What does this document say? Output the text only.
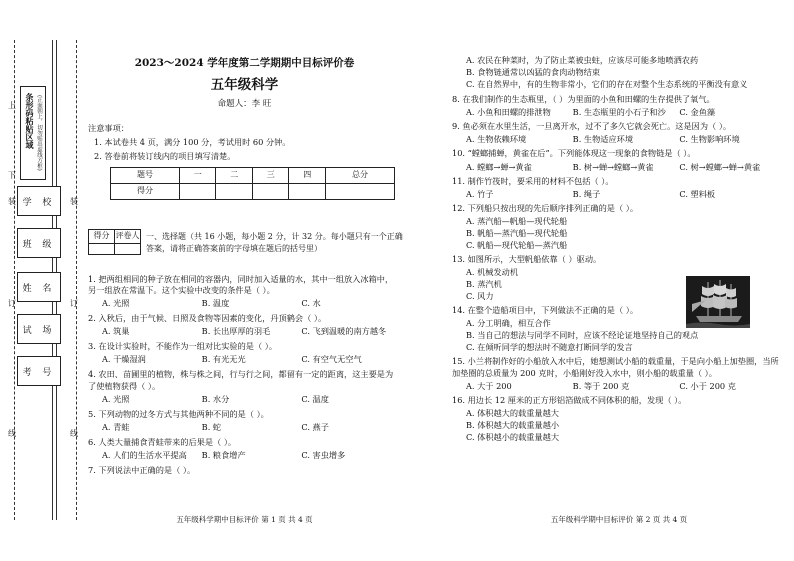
上
下
装	装
订	订
线	线
条形码粘贴区域 (正面朝上，切勿贴出虚线方框)
学 校
班 级
姓 名
试 场
考 号
2023～2024 学年度第二学期期中目标评价卷
五年级科学
命题人：李 旺
注意事项：
1. 本试卷共 4 页，满分 100 分，考试用时 60 分钟。
2. 答卷前将装订线内的项目填写清楚。
题号	一	二	三	四	总分
得分					
得分	评卷人
	一、选择题（共 16 小题，每小题 2 分，计 32 分。每小题只有一个正确答案，请将正确答案前的字母填在题后的括号里）
1. 把两组相同的种子放在相同的容器内，同时加入适量的水，其中一组放入冰箱中，另一组放在常温下。这个实验中改变的条件是（ ）。
A. 光照	B. 温度	C. 水
2. 入秋后，由于气候、日照及食物等因素的变化，丹顶鹤会（ ）。
A. 筑巢	B. 长出厚厚的羽毛	C. 飞到温暖的南方越冬
3. 在设计实验时，不能作为一组对比实验的是（ ）。
A. 干燥湿润	B. 有光无光	C. 有空气无空气
4. 农田、苗圃里的植物，株与株之间，行与行之间，都留有一定的距离，这主要是为了使植物获得（ ）。
A. 光照	B. 水分	C. 温度
5. 下列动物的过冬方式与其他两种不同的是（ ）。
A. 青蛙	B. 蛇	C. 燕子
6. 人类大量捕食青蛙带来的后果是（ ）。
A. 人们的生活水平提高	B. 粮食增产	C. 害虫增多
7. 下列说法中正确的是（ ）。
五年级科学期中目标评价 第 1 页 共 4 页
A. 农民在种菜时，为了防止菜被虫蛀，应该尽可能多地喷洒农药
B. 食物链通常以凶猛的食肉动物结束
C. 在自然界中，有的生物非常小，它们的存在对整个生态系统的平衡没有意义
8. 在我们制作的生态瓶里，（ ）为里面的小鱼和田螺的生存提供了氧气。
A. 小鱼和田螺的排泄物	B. 生态瓶里的小石子和沙	C. 金鱼藻
9. 鱼必须在水里生活，一旦离开水，过不了多久它就会死亡。这是因为（ ）。
A. 生物依赖环境	B. 生物适应环境	C. 生物影响环境
10. “螳螂捕蝉，黄雀在后”。下列能体现这一现象的食物链是（ ）。
A. 螳螂→蝉→黄雀	B. 树→蝉→螳螂→黄雀	C. 树→螳螂→蝉→黄雀
11. 制作竹筏时，要采用的材料不包括（ ）。
A. 竹子	B. 绳子	C. 塑料板
12. 下列船只按出现的先后顺序排列正确的是（ ）。
A. 蒸汽船—帆船—现代轮船
B. 帆船—蒸汽船—现代轮船
C. 帆船—现代轮船—蒸汽船
13. 如图所示，大型帆船依靠（ ）驱动。
A. 机械发动机
B. 蒸汽机
C. 风力
14. 在整个造船项目中，下列做法不正确的是（ ）。
A. 分工明确，相互合作
B. 当自己的想法与同学不同时，应该不经论证地坚持自己的观点
C. 在倾听同学的想法时不随意打断同学的发言
15. 小兰将制作好的小船放入水中后，她想测试小船的载重量，于是向小船上加垫圈，当所加垫圈的总质量为 200 克时，小船刚好没入水中，则小船的载重量（ ）。
A. 大于 200	B. 等于 200 克	C. 小于 200 克
16. 用边长 12 厘米的正方形铝箔做成不同体积的船，发现（ ）。
A. 体积越大的载重量越大
B. 体积越大的载重量越小
C. 体积越小的载重量越大
五年级科学期中目标评价 第 2 页 共 4 页
